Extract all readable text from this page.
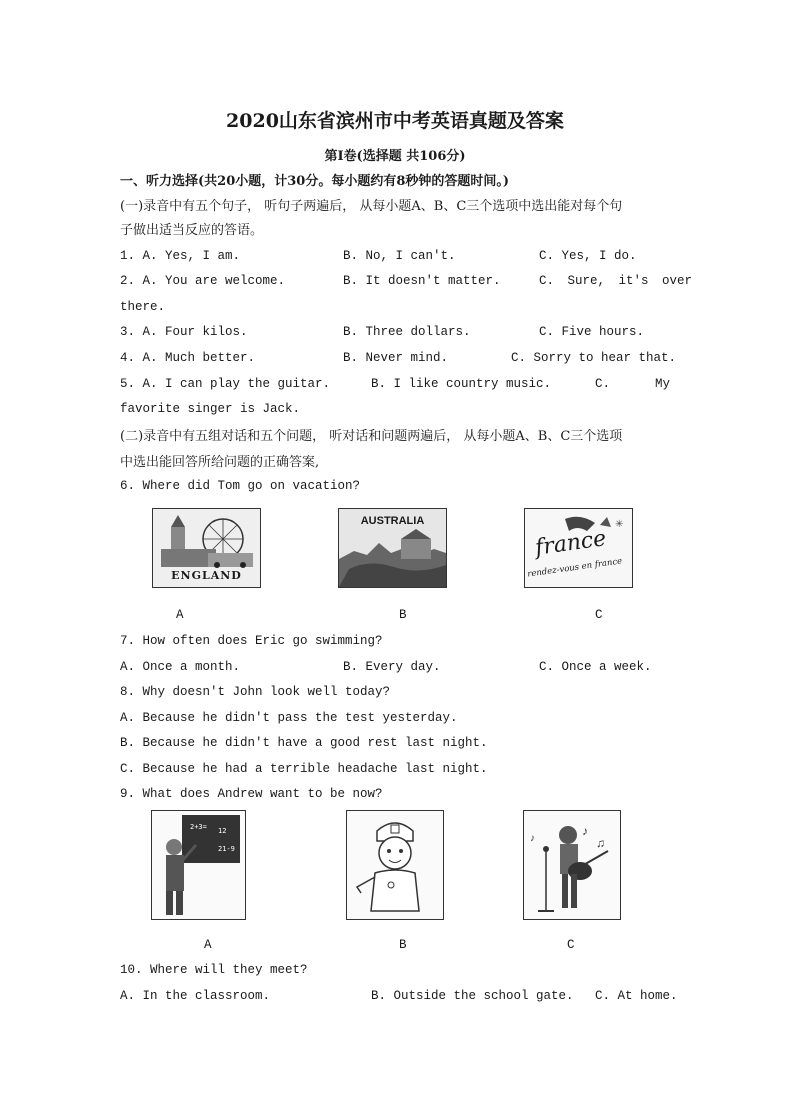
2020山东省滨州市中考英语真题及答案
第Ⅰ卷(选择题 共106分)
一、听力选择(共20小题，计30分。每小题约有8秒钟的答题时间。)
(一)录音中有五个句子， 听句子两遍后， 从每小题A、B、C三个选项中选出能对每个句
子做出适当反应的答语。
1. A. Yes, I am.	B. No, I can't.	C. Yes, I do.
2. A. You are welcome.	B. It doesn't matter.	C. Sure, it's over
there.
3. A. Four kilos.	B. Three dollars.	C. Five hours.
4. A. Much better.	B. Never mind.	C. Sorry to hear that.
5. A. I can play the guitar.	B. I like country music.	C.	My
favorite singer is Jack.
(二)录音中有五组对话和五个问题， 听对话和问题两遍后， 从每小题A、B、C三个选项
中选出能回答所给问题的正确答案,
6. Where did Tom go on vacation?
ENGLAND
AUSTRALIA	✳
france
rendez-vous en france
A	B	C
7. How often does Eric go swimming?
A. Once a month.	B. Every day.	C. Once a week.
8. Why doesn't John look well today?
A. Because he didn't pass the test yesterday.
B. Because he didn't have a good rest last night.
C. Because he had a terrible headache last night.
9. What does Andrew want to be now?
2+3= 12
21-9
♪
♫
♪
A	B	C
10. Where will they meet?
A. In the classroom.	B. Outside the school gate. C. At home.
